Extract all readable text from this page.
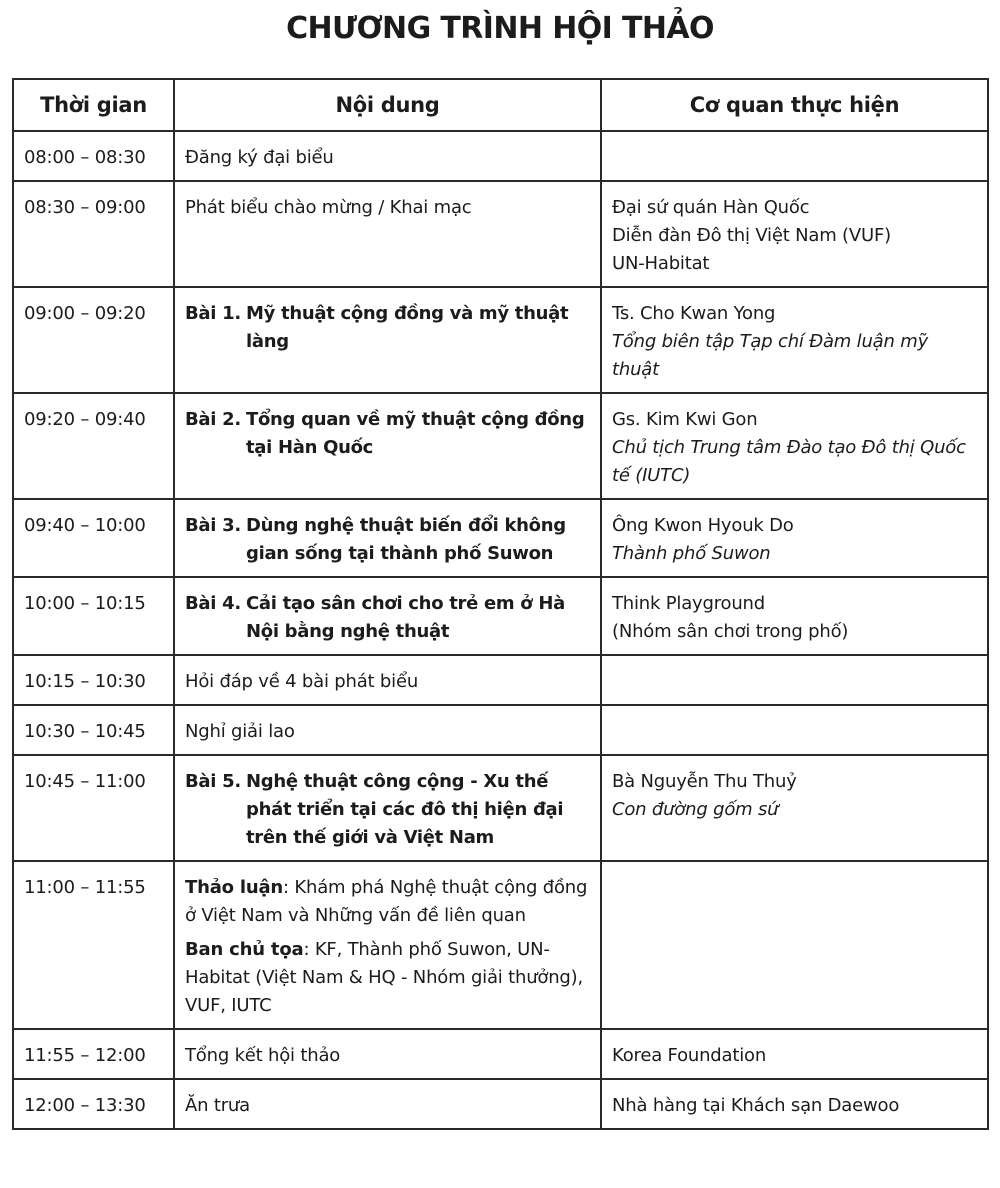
CHƯƠNG TRÌNH HỘI THẢO
Thời gian	Nội dung	Cơ quan thực hiện
08:00 – 08:30	Đăng ký đại biểu	
08:30 – 09:00	Phát biểu chào mừng / Khai mạc	Đại sứ quán Hàn Quốc
Diễn đàn Đô thị Việt Nam (VUF)
UN-Habitat

09:00 – 09:20	Bài 1. Mỹ thuật cộng đồng và mỹ thuật làng	Ts. Cho Kwan Yong
Tổng biên tập Tạp chí Đàm luận mỹ thuật

09:20 – 09:40	Bài 2. Tổng quan về mỹ thuật cộng đồng tại Hàn Quốc	Gs. Kim Kwi Gon
Chủ tịch Trung tâm Đào tạo Đô thị Quốc tế (IUTC)

09:40 – 10:00	Bài 3. Dùng nghệ thuật biến đổi không gian sống tại thành phố Suwon	Ông Kwon Hyouk Do
Thành phố Suwon

10:00 – 10:15	Bài 4. Cải tạo sân chơi cho trẻ em ở Hà Nội bằng nghệ thuật	Think Playground
(Nhóm sân chơi trong phố)

10:15 – 10:30	Hỏi đáp về 4 bài phát biểu	
10:30 – 10:45	Nghỉ giải lao	
10:45 – 11:00	Bài 5. Nghệ thuật công cộng - Xu thế phát triển tại các đô thị hiện đại trên thế giới và Việt Nam	Bà Nguyễn Thu Thuỷ
Con đường gốm sứ

11:00 – 11:55	Thảo luận: Khám phá Nghệ thuật cộng đồng ở Việt Nam và Những vấn đề liên quan
Ban chủ tọa: KF, Thành phố Suwon, UN-Habitat (Việt Nam & HQ - Nhóm giải thưởng), VUF, IUTC	

11:55 – 12:00	Tổng kết hội thảo	Korea Foundation

12:00 – 13:30	Ăn trưa	Nhà hàng tại Khách sạn Daewoo
